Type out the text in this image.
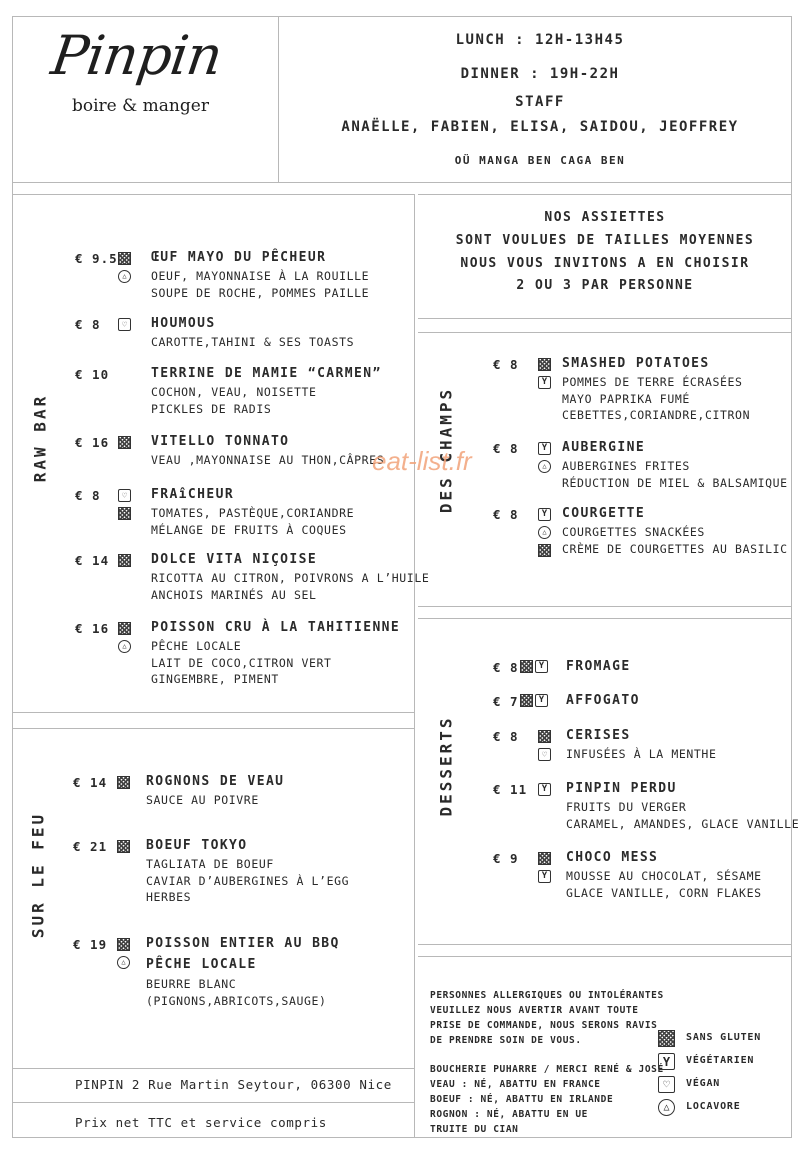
Pinpin
boire & manger
LUNCH : 12H-13H45
DINNER : 19H-22H
STAFF
ANAËLLE, FABIEN, ELISA, SAIDOU, JEOFFREY
OÜ MANGA BEN CAGA BEN
NOS ASSIETTES
SONT VOULUES DE TAILLES MOYENNES
NOUS VOUS INVITONS A EN CHOISIR
2 OU 3 PAR PERSONNE
RAW BAR
SUR LE FEU
DES CHAMPS
DESSERTS
€ 9.5	ŒUF MAYO DU PÊCHEUR
OEUF, MAYONNAISE À LA ROUILLE
SOUPE DE ROCHE, POMMES PAILLE
△
€ 8	HOUMOUS
CAROTTE,TAHINI & SES TOASTS
♡
€ 10	TERRINE DE MAMIE “CARMEN”
COCHON, VEAU, NOISETTE
PICKLES DE RADIS
€ 16	VITELLO TONNATO
VEAU ,MAYONNAISE AU THON,CÂPRES
€ 8	FRAîCHEUR
TOMATES, PASTÈQUE,CORIANDRE
MÉLANGE DE FRUITS À COQUES
♡
€ 14	DOLCE VITA NIÇOISE
RICOTTA AU CITRON, POIVRONS A L’HUILE
ANCHOIS MARINÉS AU SEL
€ 16	POISSON CRU À LA TAHITIENNE
PÊCHE LOCALE
LAIT DE COCO,CITRON VERT
GINGEMBRE, PIMENT
△
€ 14	ROGNONS DE VEAU
SAUCE AU POIVRE
€ 21	BOEUF TOKYO
TAGLIATA DE BOEUF
CAVIAR D’AUBERGINES À L’EGG
HERBES
€ 19	POISSON ENTIER AU BBQ
PÊCHE LOCALE
BEURRE BLANC
(PIGNONS,ABRICOTS,SAUGE)
△
€ 8	SMASHED POTATOES
POMMES DE TERRE ÉCRASÉES
MAYO PAPRIKA FUMÉ
CEBETTES,CORIANDRE,CITRON
Y
€ 8	AUBERGINE
AUBERGINES FRITES
RÉDUCTION DE MIEL & BALSAMIQUE
Y
△
€ 8	COURGETTE
COURGETTES SNACKÉES
CRÈME DE COURGETTES AU BASILIC
Y
△
€ 8	FROMAGE
Y
€ 7	AFFOGATO
Y
€ 8	CERISES
INFUSÉES À LA MENTHE
♡
€ 11	PINPIN PERDU
FRUITS DU VERGER
CARAMEL, AMANDES, GLACE VANILLE
Y
€ 9	CHOCO MESS
MOUSSE AU CHOCOLAT, SÉSAME
GLACE VANILLE, CORN FLAKES
Y
eat-list.fr
PERSONNES ALLERGIQUES OU INTOLÉRANTES
VEUILLEZ NOUS AVERTIR AVANT TOUTE
PRISE DE COMMANDE, NOUS SERONS RAVIS
DE PRENDRE SOIN DE VOUS.
BOUCHERIE PUHARRE / MERCI RENÉ & JOSÉ
VEAU : NÉ, ABATTU EN FRANCE
BOEUF : NÉ, ABATTU EN IRLANDE
ROGNON : NÉ, ABATTU EN UE
TRUITE DU CIAN
SANS GLUTEN
Y	VÉGÉTARIEN
♡	VÉGAN
△	LOCAVORE
PINPIN 2 Rue Martin Seytour, 06300 Nice
Prix net TTC et service compris
